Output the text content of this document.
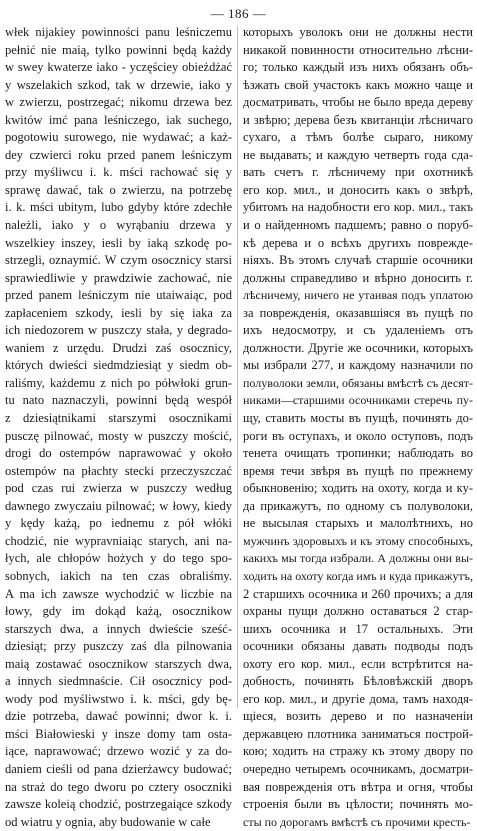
— 186 —
włek nijakiey powinności panu leśniczemu
pełnić nie maią, tylko powinni będą każdy
w swey kwaterze iako - yczęściey obieżdżać
y wszelakich szkod, tak w drzewie, iako y
w zwierzu, postrzegać; nikomu drzewa bez
kwitów imć pana leśniczego, iak suchego,
pogotowiu surowego, nie wydawać; a każ-
dey czwiercі roku przed panem leśniczym
przy myśliwcu i. k. mści rachować się y
sprawę dawać, tak o zwierzu, na potrzebę
i. k. mści ubitym, lubo gdyby które zdechłe
należli, iako y o wyrąbaniu drzewa y
wszelkiey inszey, iesli by iaką szkodę po-
strzegli, oznaymić. W czym osocznicy starsi
sprawiedliwie y prawdziwie zachować, nie
przed panem leśniczym nie utaiwaiąc, pod
zapłaceniem szkody, iesli by się iaka za
ich niedozorem w puszczy stała, y degrado-
waniem z urzędu. Drudzi zaś osocznicy,
których dwieści siedmdziesiąt y siedm ob-
raliśmy, każdemu z nich po półwłoki grun-
tu nato naznaczyli, powinni będą wespół
z dziesiątnikami starszymi osocznikami
pusczę pilnować, mosty w puszczy mościć,
drogi do ostempów naprawować y około
ostempów na płachty stecki przeczyszczać
pod czas rui zwierza w puszczy według
dawnego zwyczaiu pilnować; w łowy, kiedy
y kędy każą, po iednemu z pół włóki
chodzić, nie wypravnіaiąc starych, ani na-
łych, ale chłopów hożych y do tego spo-
sobnych, iakich na ten czas obraliśmy.
A ma ich zawsze wychodzić w liczbie na
łowy, gdy im dokąd każą, osocznikow
starszych dwa, a innych dwieście sześć-
dziesiąt; przy puszczy zaś dla pilnowania
maią zostawać osocznikow starszych dwa,
a innych siedmnaście. Cił osocznicy pod-
wody pod myśliwstwo i. k. mści, gdy bę-
dzie potrzeba, dawać powinni; dwor k. i.
mści Białowieski y insze domy tam osta-
iące, naprawować; drzewo wozić y za do-
daniem cieśli od pana dzierżawcy budować;
na straż do tego dworu po czterу osocznіki
zawsze koleią chodzić, postrzegaiące szkody
od wiatru y ognia, aby budowanie w całe
которыхъ уволокъ они не должны нести
никакой повинности относительно лѣсни-
го; только каждый изъ нихъ обязанъ объ-
ѣзжать свой участокъ какъ можно чаще и
досматривать, чтобы не было вреда дереву
и звѣрю; дерева безъ квитанціи лѣсничаго
сухаго, а тѣмъ болѣе сыраго, никому
не выдавать; и каждую четверть года сда-
вать счетъ г. лѣсничему при охотникѣ
его кор. мил., и доносить какъ о звѣрѣ,
убитомъ на надобности его кор. мил., такъ
и о найденномъ падшемъ; равно о поруб-
кѣ дерева и о всѣхъ другихъ поврежде-
ніяхъ. Въ этомъ случаѣ старшіе осочники
должны справедливо и вѣрно доносить г.
лѣсничему, ничего не утаивая подъ уплатою
за поврежденія, оказавшіяся въ пущѣ по
ихъ недосмотру, и съ удаленіемъ отъ
должности. Другіе же осочники, которыхъ
мы избрали 277, и каждому назначили по
полуволоки земли, обязаны вмѣстѣ съ десят-
никами—старшими осочниками стеречь пу-
щу, ставить мосты въ пущѣ, починять до-
роги въ оступахъ, и около оступовъ, подъ
тенета очищать тропинки; наблюдать во
время течи звѣря въ пущѣ по прежнему
обыкновенію; ходить на охоту, когда и ку-
да прикажутъ, по одному съ полуволоки,
не высылая старыхъ и малолѣтнихъ, но
мужчинъ здоровыхъ и къ этому способныхъ,
какихъ мы тогда избрали. А должны они вы-
ходить на охоту когда имъ и куда прикажутъ,
2 старшихъ осочника и 260 прочихъ; а для
охраны пущи должно оставаться 2 стар-
шихъ осочника и 17 остальныхъ. Эти
осочники обязаны давать подводы подъ
охоту его кор. мил., если встрѣтится на-
добность, починять Бѣловѣжскій дворъ
его кор. мил., и другіе дома, тамъ находя-
щіеся, возить дерево и по назначеніи
державцею плотника заниматься построй-
кою; ходить на стражу къ этому двору по
очередно четыремъ осочникамъ, досматри-
вая поврежденія отъ вѣтра и огня, чтобы
строенія были въ цѣлости; починять мо-
сты по дорогамъ вмѣстѣ съ прочими кресть-
